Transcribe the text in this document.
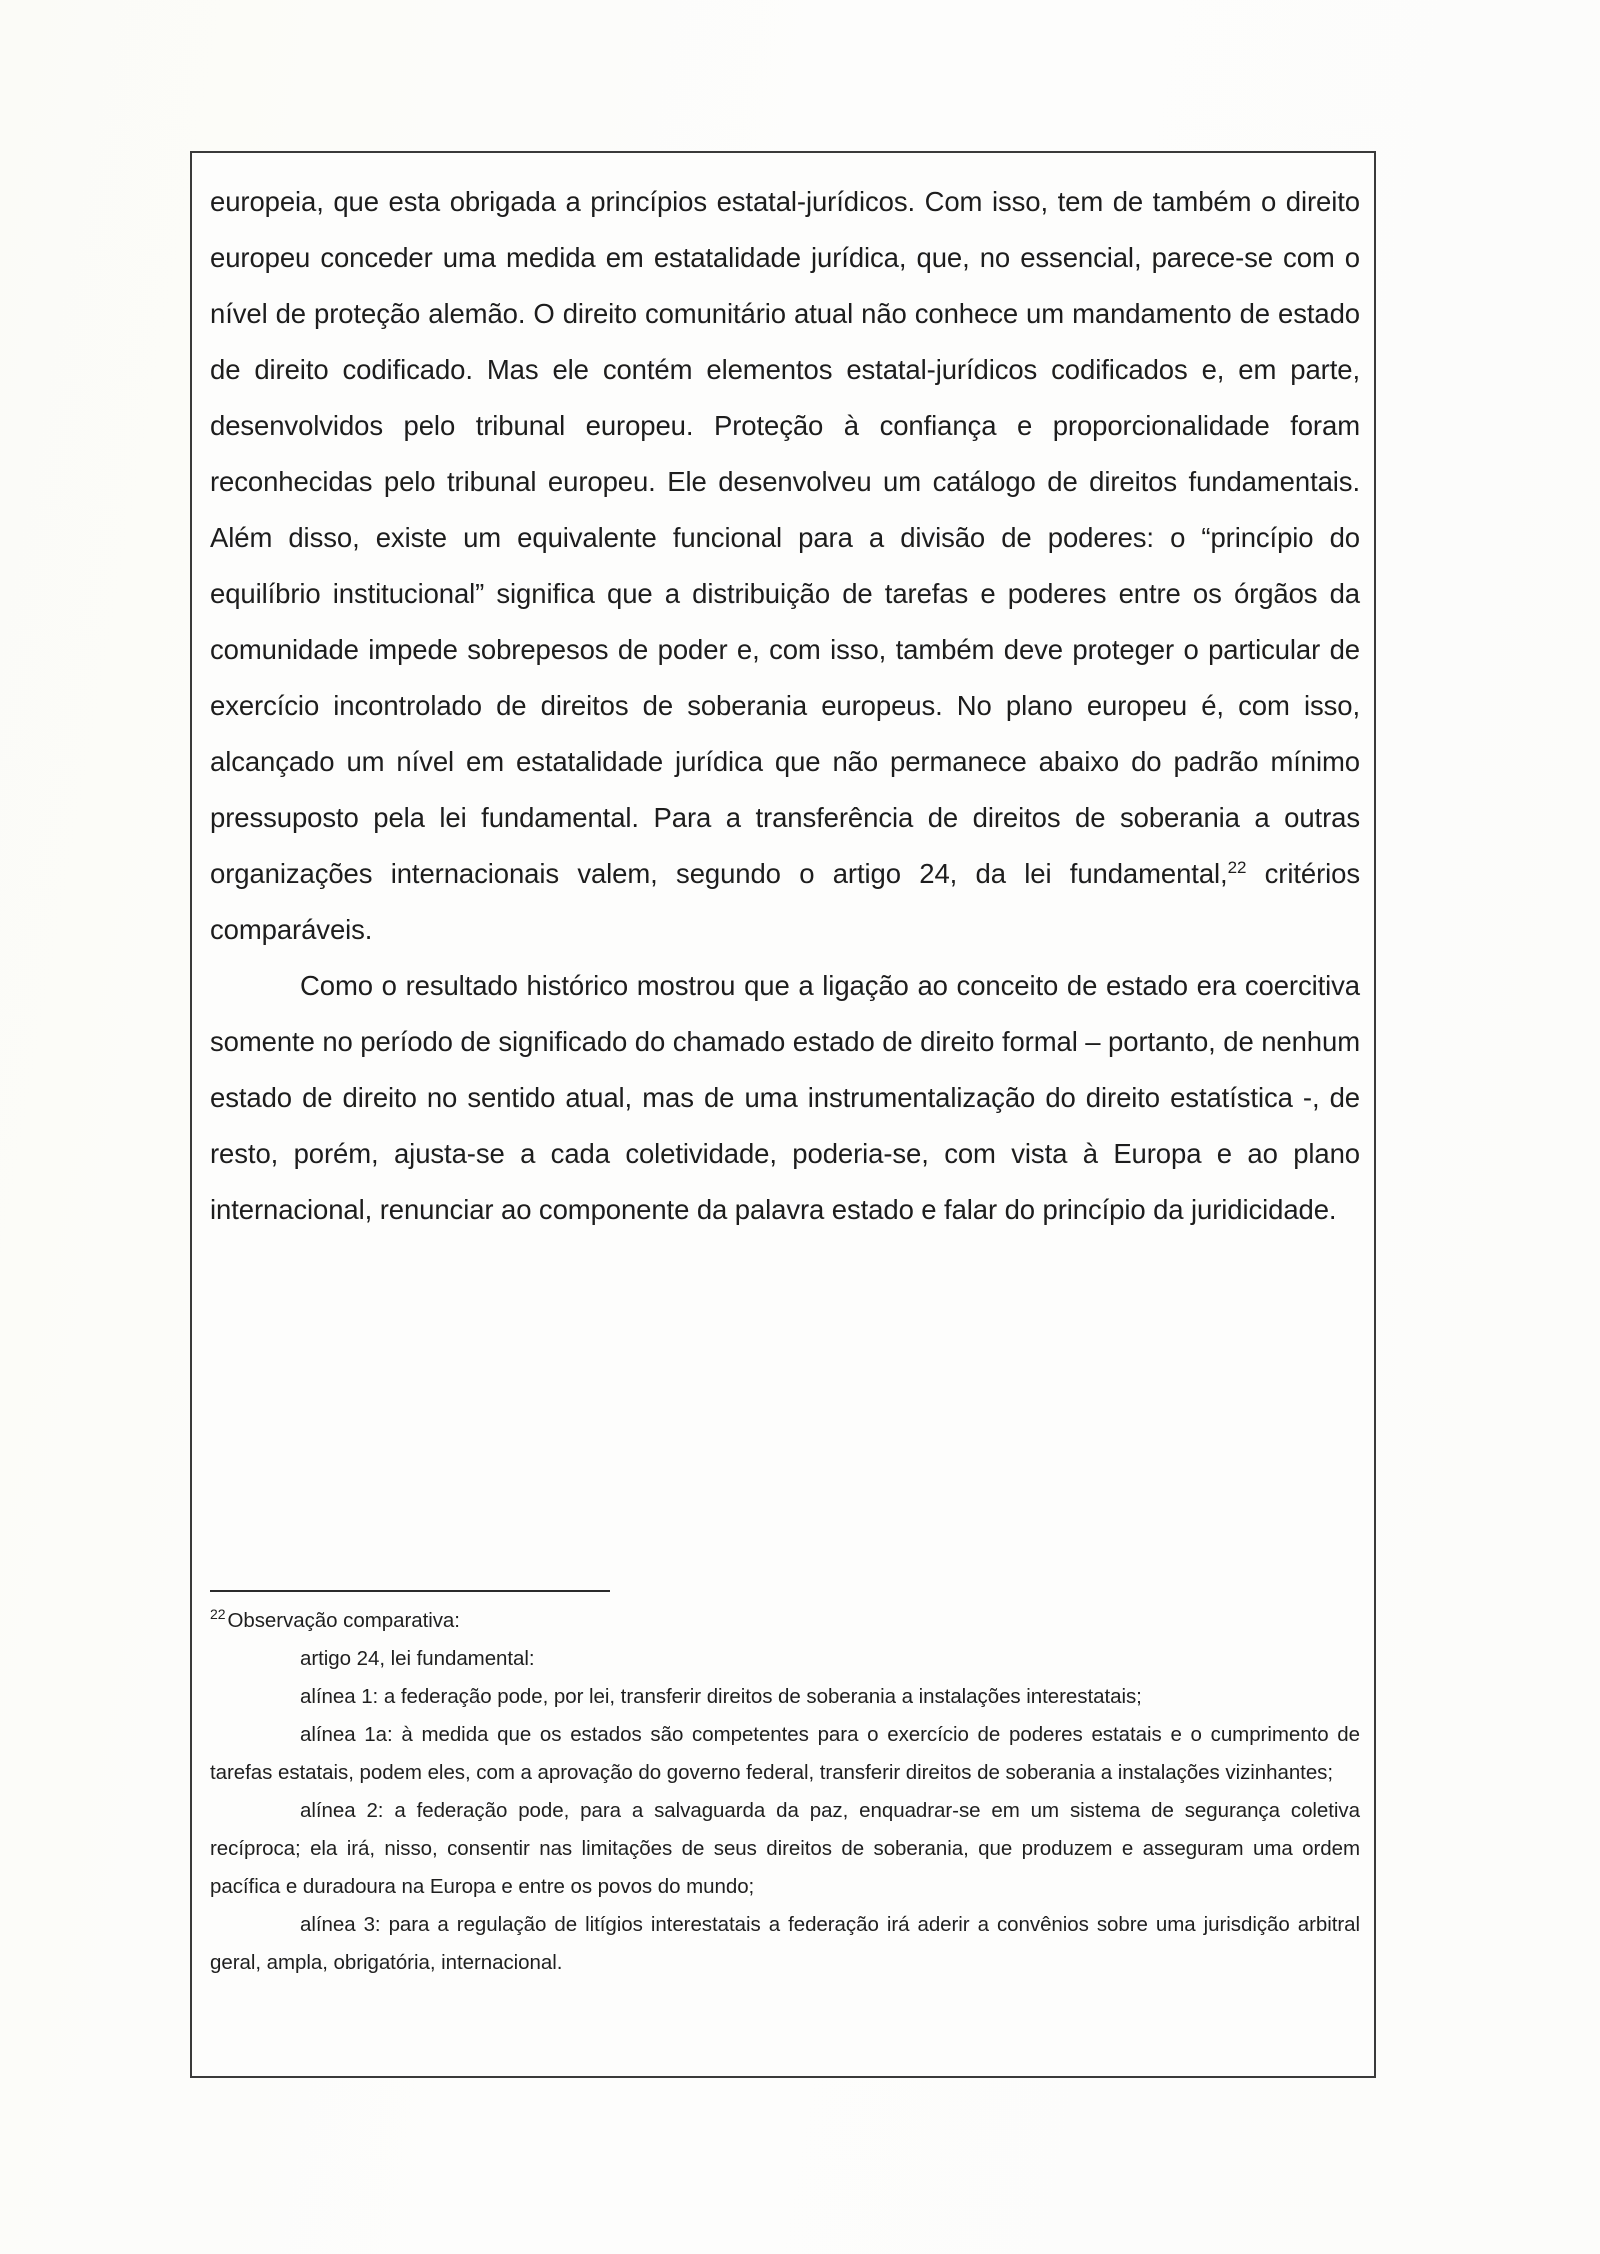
europeia, que esta obrigada a princípios estatal-jurídicos. Com isso, tem de também o direito europeu conceder uma medida em estatalidade jurídica, que, no essencial, parece-se com o nível de proteção alemão. O direito comunitário atual não conhece um mandamento de estado de direito codificado. Mas ele contém elementos estatal-jurídicos codificados e, em parte, desenvolvidos pelo tribunal europeu. Proteção à confiança e proporcionalidade foram reconhecidas pelo tribunal europeu. Ele desenvolveu um catálogo de direitos fundamentais. Além disso, existe um equivalente funcional para a divisão de poderes: o “princípio do equilíbrio institucional” significa que a distribuição de tarefas e poderes entre os órgãos da comunidade impede sobrepesos de poder e, com isso, também deve proteger o particular de exercício incontrolado de direitos de soberania europeus. No plano europeu é, com isso, alcançado um nível em estatalidade jurídica que não permanece abaixo do padrão mínimo pressuposto pela lei fundamental. Para a transferência de direitos de soberania a outras organizações internacionais valem, segundo o artigo 24, da lei fundamental,$^{22}$ critérios comparáveis.

Como o resultado histórico mostrou que a ligação ao conceito de estado era coercitiva somente no período de significado do chamado estado de direito formal – portanto, de nenhum estado de direito no sentido atual, mas de uma instrumentalização do direito estatística -, de resto, porém, ajusta-se a cada coletividade, poderia-se, com vista à Europa e ao plano internacional, renunciar ao componente da palavra estado e falar do princípio da juridicidade.

$^{22}$Observação comparativa:

artigo 24, lei fundamental:

alínea 1: a federação pode, por lei, transferir direitos de soberania a instalações interestatais;

alínea 1a: à medida que os estados são competentes para o exercício de poderes estatais e o cumprimento de tarefas estatais, podem eles, com a aprovação do governo federal, transferir direitos de soberania a instalações vizinhantes;

alínea 2: a federação pode, para a salvaguarda da paz, enquadrar-se em um sistema de segurança coletiva recíproca; ela irá, nisso, consentir nas limitações de seus direitos de soberania, que produzem e asseguram uma ordem pacífica e duradoura na Europa e entre os povos do mundo;

alínea 3: para a regulação de litígios interestatais a federação irá aderir a convênios sobre uma jurisdição arbitral geral, ampla, obrigatória, internacional.
